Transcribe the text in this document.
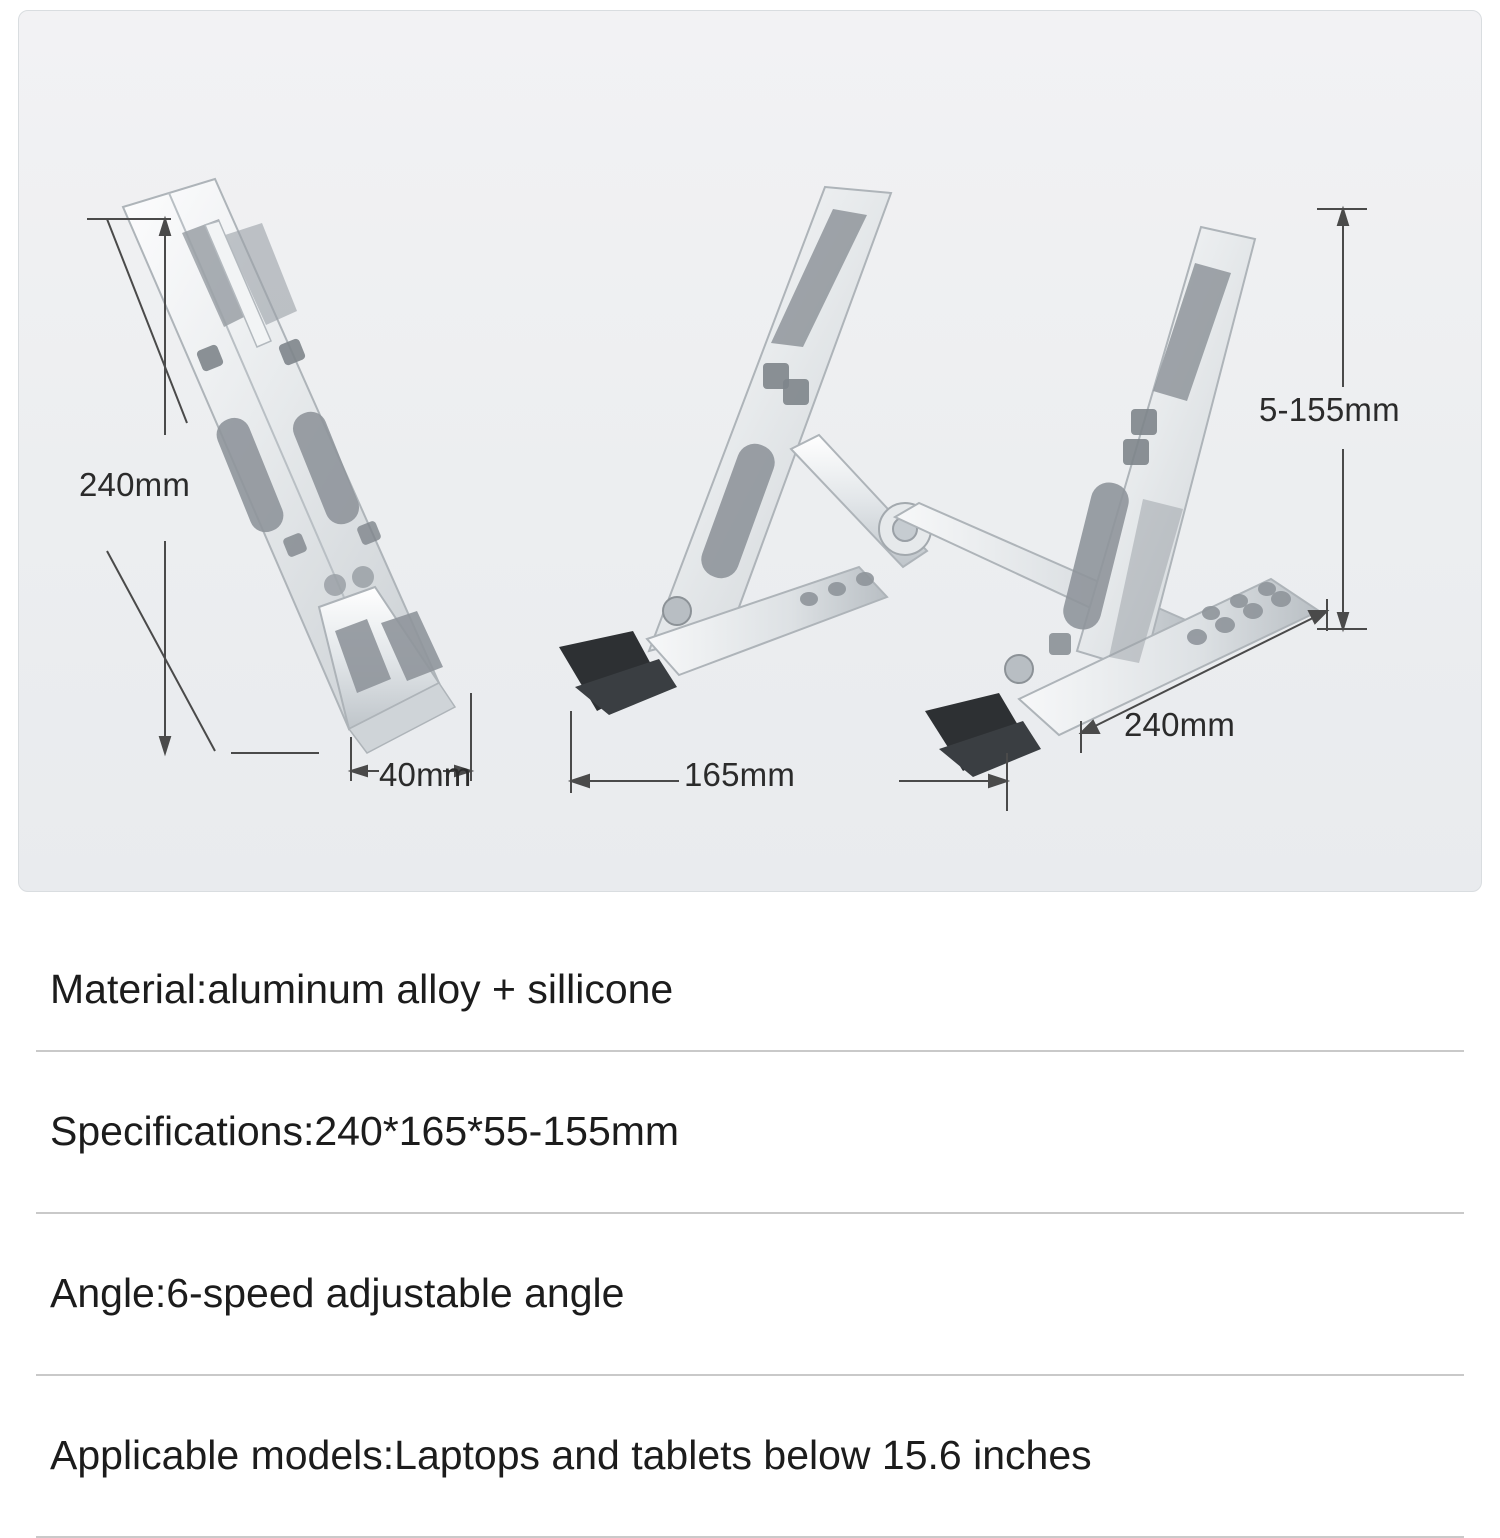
240mm
40mm	165mm
240mm
5-155mm
Material:aluminum alloy + sillicone
Specifications:240*165*55-155mm
Angle:6-speed adjustable angle
Applicable models:Laptops and tablets below 15.6 inches
